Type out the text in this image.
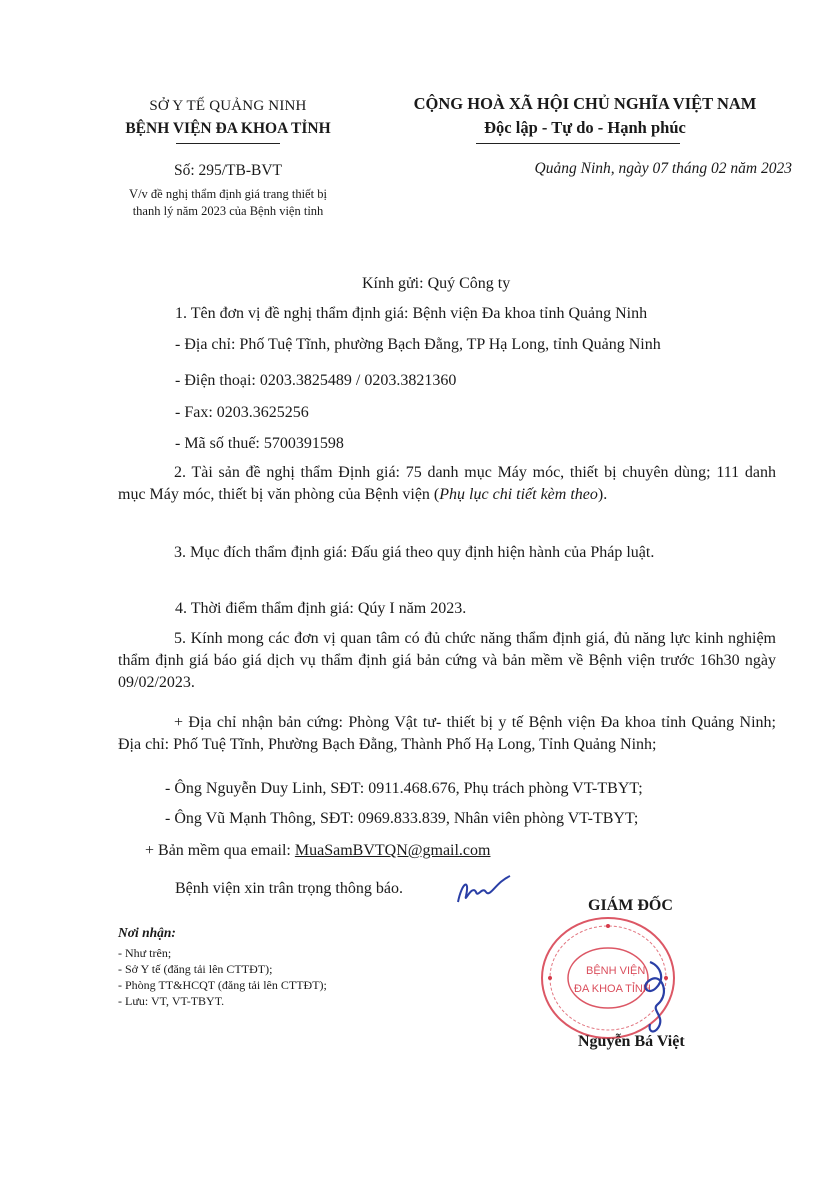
SỞ Y TẾ QUẢNG NINH
BỆNH VIỆN ĐA KHOA TỈNH
Số: 295/TB-BVT
V/v đề nghị thẩm định giá trang thiết bị
thanh lý năm 2023 của Bệnh viện tỉnh
CỘNG HOÀ XÃ HỘI CHỦ NGHĨA VIỆT NAM
Độc lập - Tự do - Hạnh phúc
Quảng Ninh, ngày 07 tháng 02 năm 2023
Kính gửi: Quý Công ty
1. Tên đơn vị đề nghị thẩm định giá: Bệnh viện Đa khoa tỉnh Quảng Ninh
- Địa chỉ: Phố Tuệ Tĩnh, phường Bạch Đằng, TP Hạ Long, tỉnh Quảng Ninh
- Điện thoại: 0203.3825489 / 0203.3821360
- Fax: 0203.3625256
- Mã số thuế: 5700391598
2. Tài sản đề nghị thẩm Định giá: 75 danh mục Máy móc, thiết bị chuyên dùng; 111 danh mục Máy móc, thiết bị văn phòng của Bệnh viện (Phụ lục chi tiết kèm theo).
3. Mục đích thẩm định giá: Đấu giá theo quy định hiện hành của Pháp luật.
4. Thời điểm thẩm định giá: Qúy I năm 2023.
5. Kính mong các đơn vị quan tâm có đủ chức năng thẩm định giá, đủ năng lực kinh nghiệm thẩm định giá báo giá dịch vụ thẩm định giá bản cứng và bản mềm về Bệnh viện trước 16h30 ngày 09/02/2023.
+ Địa chỉ nhận bản cứng: Phòng Vật tư- thiết bị y tế Bệnh viện Đa khoa tỉnh Quảng Ninh; Địa chỉ: Phố Tuệ Tĩnh, Phường Bạch Đằng, Thành Phố Hạ Long, Tỉnh Quảng Ninh;
- Ông Nguyễn Duy Linh, SĐT: 0911.468.676, Phụ trách phòng VT-TBYT;
- Ông Vũ Mạnh Thông, SĐT: 0969.833.839, Nhân viên phòng VT-TBYT;
+ Bản mềm qua email: MuaSamBVTQN@gmail.com
Bệnh viện xin trân trọng thông báo.
Nơi nhận:
- Như trên;
- Sở Y tế (đăng tải lên CTTĐT);
- Phòng TT&HCQT (đăng tải lên CTTĐT);
- Lưu: VT, VT-TBYT.
GIÁM ĐỐC
BỆNH VIỆN
ĐA KHOA TỈNH
Nguyễn Bá Việt
